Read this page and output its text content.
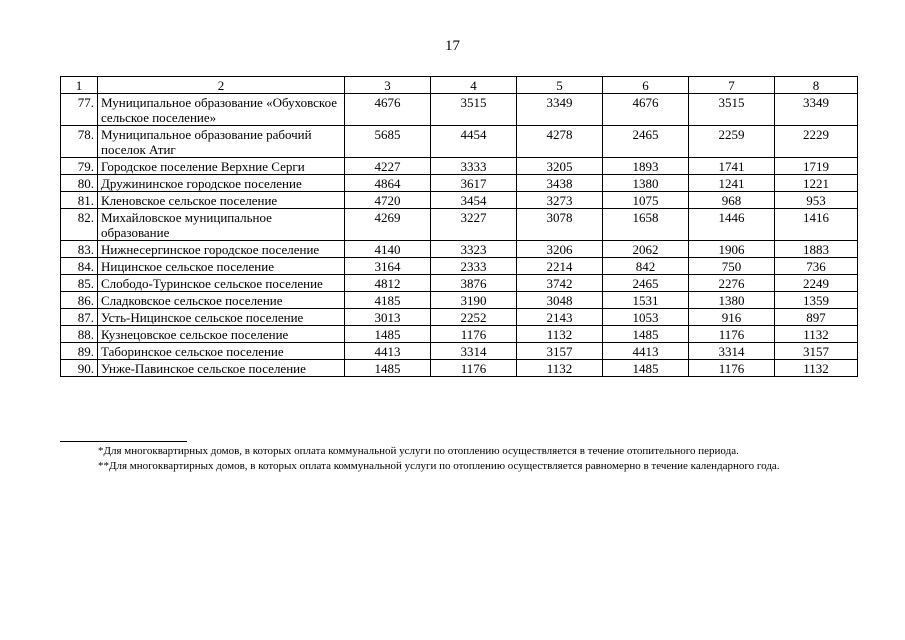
17
1	2	3	4	5	6	7	8
77.	Муниципальное образование «Обуховское сельское поселение»	4676	3515	3349	4676	3515	3349
78.	Муниципальное образование рабочий поселок Атиг	5685	4454	4278	2465	2259	2229
79.	Городское поселение Верхние Серги	4227	3333	3205	1893	1741	1719
80.	Дружининское городское поселение	4864	3617	3438	1380	1241	1221
81.	Кленовское сельское поселение	4720	3454	3273	1075	968	953
82.	Михайловское муниципальное образование	4269	3227	3078	1658	1446	1416
83.	Нижнесергинское городское поселение	4140	3323	3206	2062	1906	1883
84.	Ницинское сельское поселение	3164	2333	2214	842	750	736
85.	Слободо-Туринское сельское поселение	4812	3876	3742	2465	2276	2249
86.	Сладковское сельское поселение	4185	3190	3048	1531	1380	1359
87.	Усть-Ницинское сельское поселение	3013	2252	2143	1053	916	897
88.	Кузнецовское сельское поселение	1485	1176	1132	1485	1176	1132
89.	Таборинское сельское поселение	4413	3314	3157	4413	3314	3157
90.	Унже-Павинское сельское поселение	1485	1176	1132	1485	1176	1132
*Для многоквартирных домов, в которых оплата коммунальной услуги по отоплению осуществляется в течение отопительного периода.
**Для многоквартирных домов, в которых оплата коммунальной услуги по отоплению осуществляется равномерно в течение календарного года.
